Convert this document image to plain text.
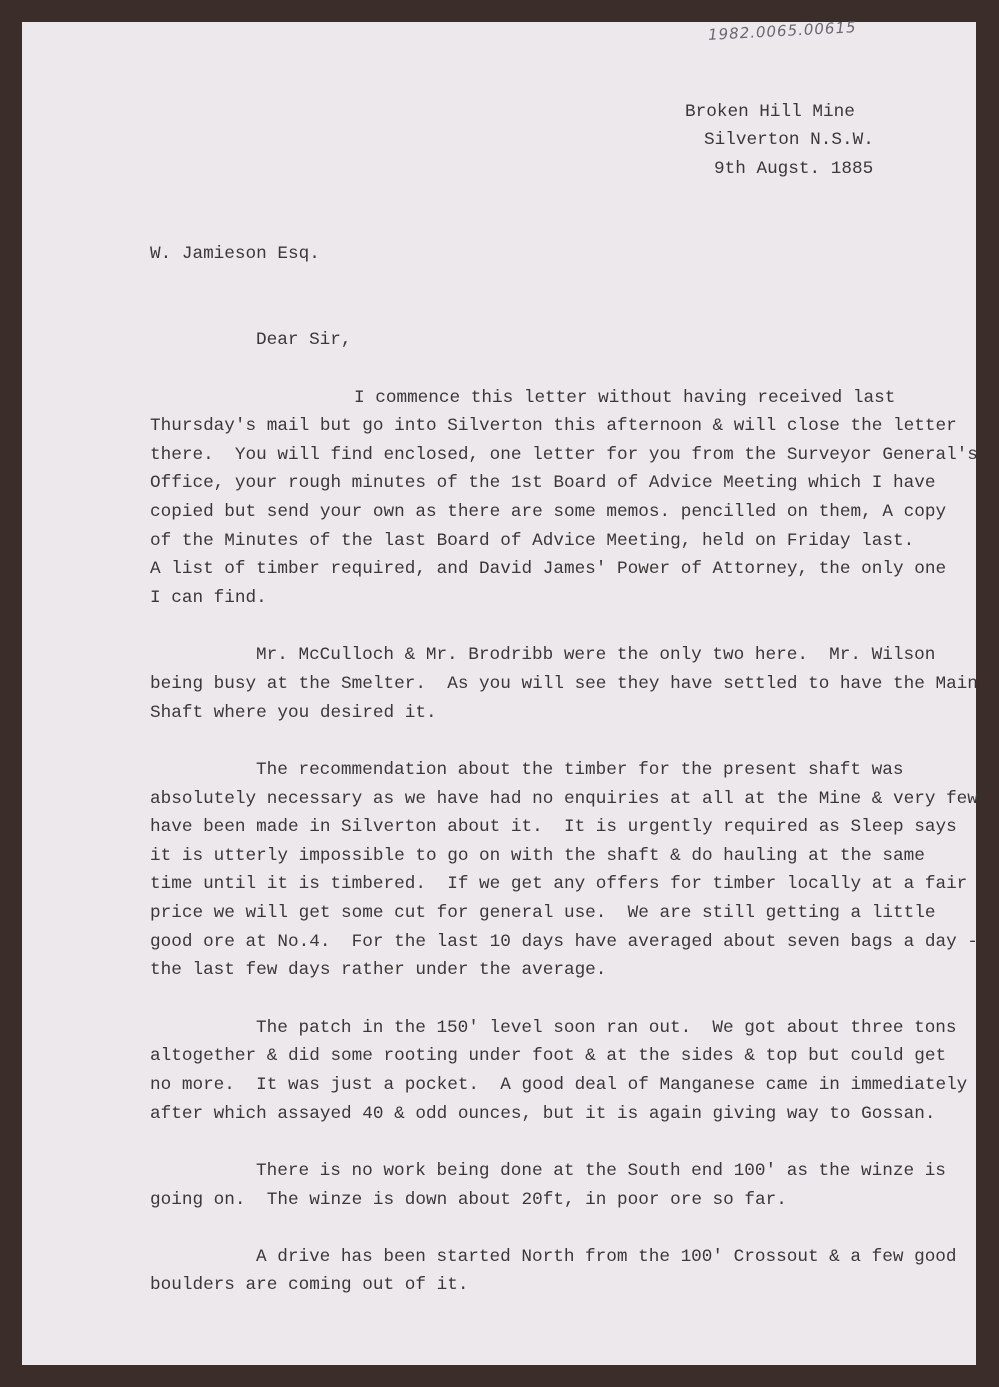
1982.0065.00615
Broken Hill Mine
Silverton N.S.W.
9th Augst. 1885

W. Jamieson Esq.

Dear Sir,

I commence this letter without having received last
Thursday's mail but go into Silverton this afternoon & will close the letter
there.  You will find enclosed, one letter for you from the Surveyor General's
Office, your rough minutes of the 1st Board of Advice Meeting which I have
copied but send your own as there are some memos. pencilled on them, A copy
of the Minutes of the last Board of Advice Meeting, held on Friday last.
A list of timber required, and David James' Power of Attorney, the only one
I can find.
Mr. McCulloch & Mr. Brodribb were the only two here.  Mr. Wilson
being busy at the Smelter.  As you will see they have settled to have the Main
Shaft where you desired it.
The recommendation about the timber for the present shaft was
absolutely necessary as we have had no enquiries at all at the Mine & very few
have been made in Silverton about it.  It is urgently required as Sleep says
it is utterly impossible to go on with the shaft & do hauling at the same
time until it is timbered.  If we get any offers for timber locally at a fair
price we will get some cut for general use.  We are still getting a little
good ore at No.4.  For the last 10 days have averaged about seven bags a day -
the last few days rather under the average.
The patch in the 150' level soon ran out.  We got about three tons
altogether & did some rooting under foot & at the sides & top but could get
no more.  It was just a pocket.  A good deal of Manganese came in immediately
after which assayed 40 & odd ounces, but it is again giving way to Gossan.
There is no work being done at the South end 100' as the winze is
going on.  The winze is down about 20ft, in poor ore so far.
A drive has been started North from the 100' Crossout & a few good
boulders are coming out of it.
